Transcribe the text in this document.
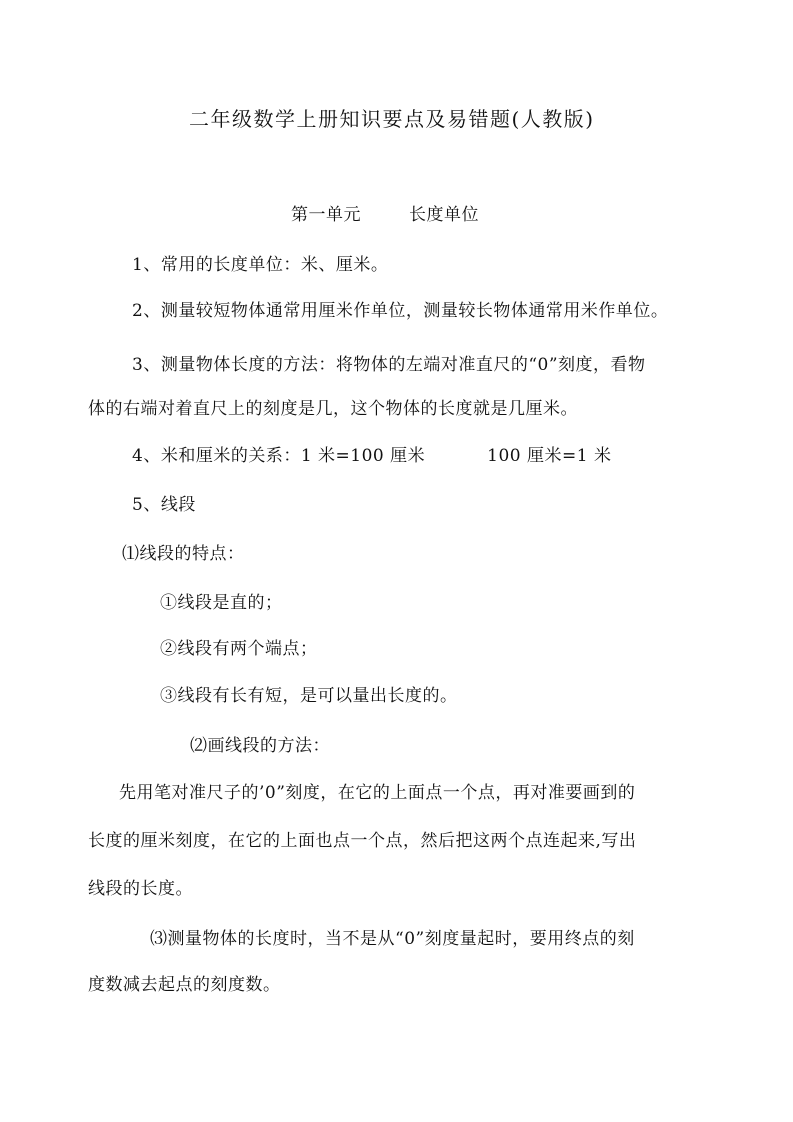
二年级数学上册知识要点及易错题(人教版)
第一单元	长度单位
1、常用的长度单位：米、厘米。
2、测量较短物体通常用厘米作单位，测量较长物体通常用米作单位。
3、测量物体长度的方法：将物体的左端对准直尺的“0”刻度，看物
体的右端对着直尺上的刻度是几，这个物体的长度就是几厘米。
4、米和厘米的关系：1 米=100 厘米	100 厘米=1 米
5、线段
⑴线段的特点：
①线段是直的；
②线段有两个端点；
③线段有长有短，是可以量出长度的。
⑵画线段的方法：
先用笔对准尺子的’0”刻度，在它的上面点一个点，再对准要画到的
长度的厘米刻度，在它的上面也点一个点，然后把这两个点连起来,写出
线段的长度。
⑶测量物体的长度时，当不是从“0”刻度量起时，要用终点的刻
度数减去起点的刻度数。
